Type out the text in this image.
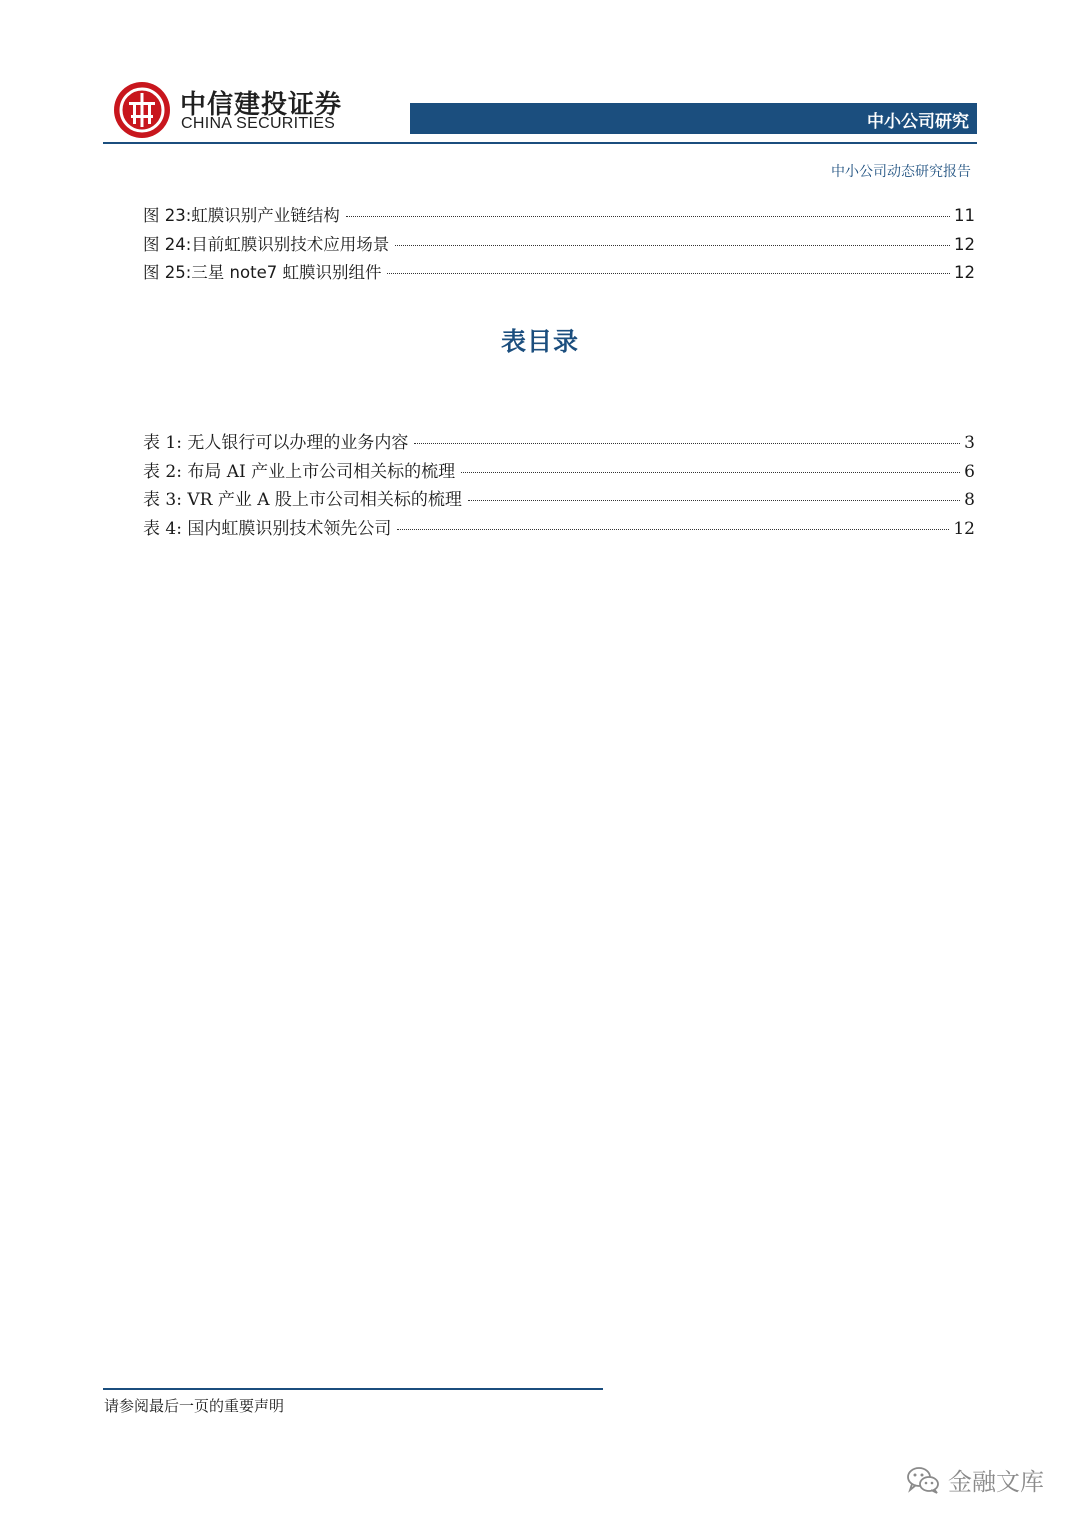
中信建投证券
CHINA SECURITIES	中小公司研究
中小公司动态研究报告
图 23:虹膜识别产业链结构	11
图 24:目前虹膜识别技术应用场景	12
图 25:三星 note7 虹膜识别组件	12
表目录
表 1: 无人银行可以办理的业务内容	3
表 2: 布局 AI 产业上市公司相关标的梳理	6
表 3: VR 产业 A 股上市公司相关标的梳理	8
表 4: 国内虹膜识别技术领先公司	12
请参阅最后一页的重要声明
金融文库
